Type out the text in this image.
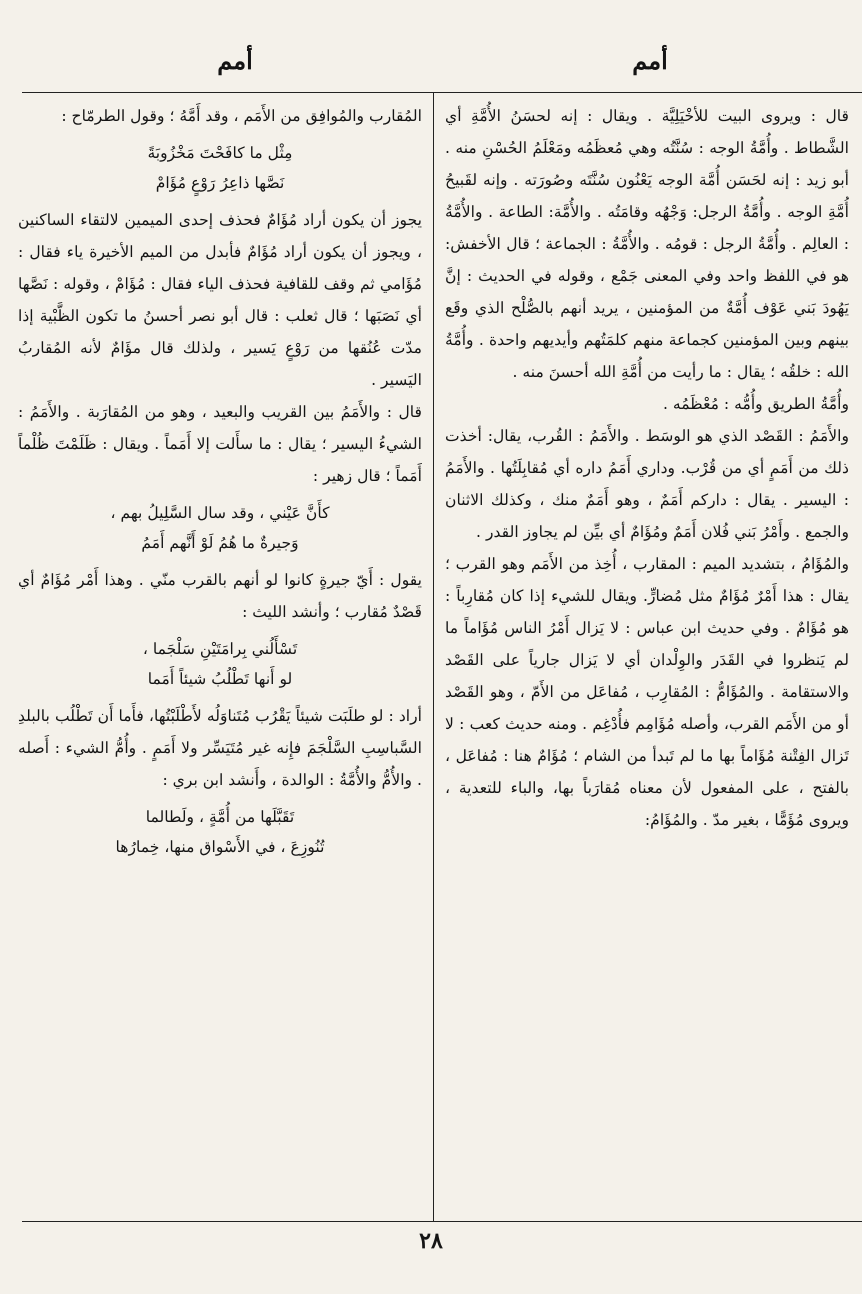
أمم
أمم

قال : ويروى البيت للأخْيَلِيَّة . ويقال : إنه لحسَنُ الأُمَّةِ أي الشَّطاط . وأُمَّةُ الوجه : سُنَّتُه وهي مُعظَمُه ومَعْلَمُ الحُسْنِ منه . أبو زيد : إنه لحَسَن أُمَّة الوجه يَعْنُون سُنَّتَه وصُورَته . وإنه لقَبيحُ أُمَّةِ الوجه . وأُمَّةُ الرجل: وَجْهُه وقامَتُه . والأُمَّة: الطاعة . والأُمَّةُ : العالِم . وأُمَّةُ الرجل : قومُه . والأُمَّةُ : الجماعة ؛ قال الأخفش: هو في اللفظ واحد وفي المعنى جَمْع ، وقوله في الحديث : إنَّ يَهُودَ بَني عَوْف أُمَّةٌ من المؤمنين ، يريد أنهم بالصُّلْح الذي وقَع بينهم وبين المؤمنين كجماعة منهم كلمَتُهم وأيديهم واحدة . وأُمَّةُ الله : خلقُه ؛ يقال : ما رأيت من أُمَّةِ الله أحسنَ منه .

وأُمَّةُ الطريق وأُمُّه : مُعْظَمُه .

والأَمَمُ : القَصْد الذي هو الوسَط . والأَمَمُ : القُرب، يقال: أخذت ذلك من أَمَمٍ أي من قُرْب. وداري أَمَمُ داره أي مُقابِلَتُها . والأَمَمُ : اليسير . يقال : داركم أَمَمٌ ، وهو أَمَمٌ منك ، وكذلك الاثنان والجمع . وأَمْرُ بَني فُلان أَمَمٌ ومُؤَامٌ أي بيِّن لم يجاوز القدر .

والمُؤَامُ ، بتشديد الميم : المقارب ، أُخِذ من الأَمَم وهو القرب ؛ يقال : هذا أَمْرٌ مُؤَامٌ مثل مُضارٍّ. ويقال للشيء إذا كان مُقارِباً : هو مُؤَامٌ . وفي حديث ابن عباس : لا يَزال أَمْرُ الناس مُؤَاماً ما لم يَنظروا في القَدَر والوِلْدان أي لا يَزال جارياً على القَصْد والاستقامة . والمُؤَامُّ : المُقارِب ، مُفاعَل من الأَمّ ، وهو القَصْد أو من الأَمَم القرب، وأصله مُؤَامِم فأُدْغِم . ومنه حديث كعب : لا تَزال الفِتْنة مُؤَاماً بها ما لم تَبدأ من الشام ؛ مُؤَامٌ هنا : مُفاعَل ، بالفتح ، على المفعول لأن معناه مُقارَباً بها، والباء للتعدية ، ويروى مُؤَمًّا ، بغير مدّ . والمُؤَامُ:

المُقارب والمُوافِق من الأَمَم ، وقد أَمَّهُ ؛ وقول الطرمّاح :

مِثْل ما كافَحْتَ مَخْزُوبَةً
نَصَّها ذاعِرُ رَوْعٍ مُؤَامْ

يجوز أن يكون أراد مُؤَامٌ فحذف إحدى الميمين لالتقاء الساكنين ، ويجوز أن يكون أراد مُؤَامٌ فأبدل من الميم الأخيرة ياء فقال : مُؤَامي ثم وقف للقافية فحذف الياء فقال : مُؤَامْ ، وقوله : نَصَّها أي نَصَبَها ؛ قال ثعلب : قال أبو نصر أحسنُ ما تكون الظَّبْية إذا مدّت عُنُقها من رَوْعٍ يَسير ، ولذلك قال مؤَامٌ لأنه المُقاربُ اليَسير .

قال : والأَمَمُ بين القريب والبعيد ، وهو من المُقارَبة . والأَمَمُ : الشيءُ اليسير ؛ يقال : ما سأَلت إلا أَمَماً . ويقال : ظَلَمْتَ ظُلْماً أَمَماً ؛ قال زهير :

كأَنَّ عَيْني ، وقد سال السَّلِيلُ بهم ،
وَجيرةٌ ما هُمُ لَوْ أَنَّهم أَمَمُ

يقول : أَيّ جيرةٍ كانوا لو أنهم بالقرب منّي . وهذا أَمْر مُؤَامٌ أي قَصْدٌ مُقارب ؛ وأنشد الليث :

تَسْأَلُني بِرامَتَيْنِ سَلْجَما ،
لو أَنها تَطْلُبُ شيئاً أَمَما

أراد : لو طلَبَت شيئاً يَقْرُب مُتَناوَلُه لأَطْلَبْتُها، فأَما أَن تَطْلُب بالبلدِ السَّباسِبِ السَّلْجَمَ فإِنه غير مُتَيَسِّر ولا أَمَمٍ . وأُمُّ الشيء : أَصله . والأُمُّ والأُمَّةُ : الوالدة ، وأَنشد ابن بري :

تَقَبَّلَها من أُمَّةٍ ، ولَطالما
تُنُوزِعَ ، في الأَسْواق منها، خِمارُها
٢٨
